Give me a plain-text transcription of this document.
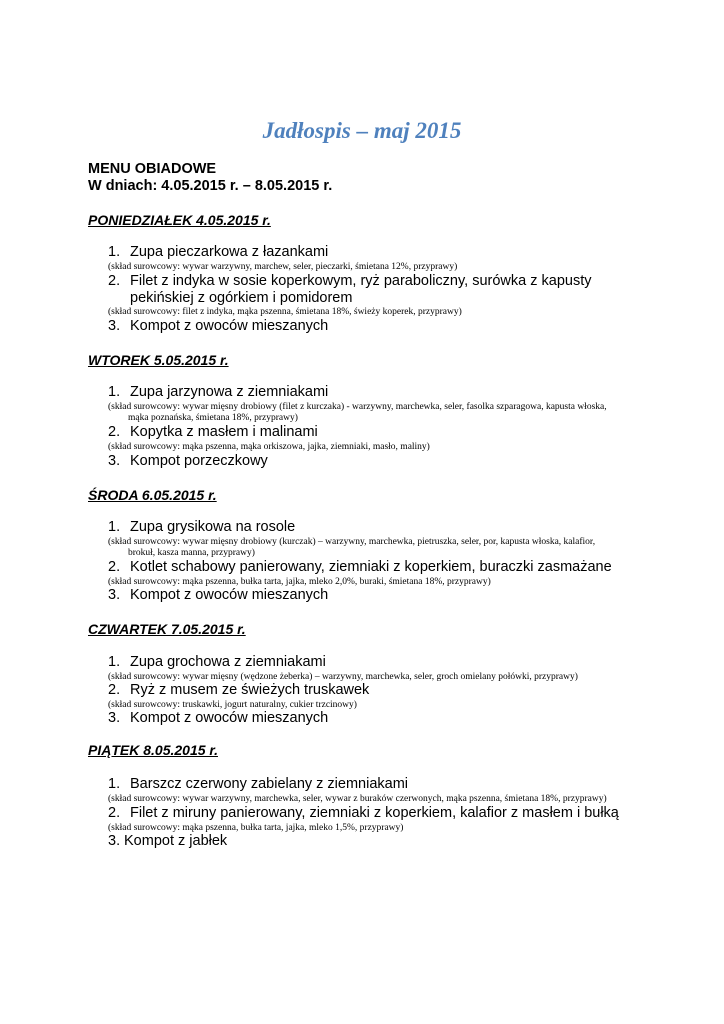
Jadłospis – maj 2015

MENU OBIADOWE

W dniach: 4.05.2015 r. – 8.05.2015 r.

PONIEDZIAŁEK 4.05.2015 r.

1. Zupa pieczarkowa z łazankami

(skład surowcowy: wywar warzywny, marchew, seler, pieczarki, śmietana 12%, przyprawy)

2. Filet z indyka w sosie koperkowym, ryż paraboliczny, surówka z kapusty

pekińskiej z ogórkiem i pomidorem

(skład surowcowy: filet z indyka, mąka pszenna, śmietana 18%, świeży koperek, przyprawy)

3. Kompot z owoców mieszanych

WTOREK 5.05.2015 r.

1. Zupa jarzynowa z ziemniakami

(skład surowcowy: wywar mięsny drobiowy (filet z kurczaka) - warzywny, marchewka, seler, fasolka szparagowa, kapusta włoska,

mąka poznańska, śmietana 18%, przyprawy)

2. Kopytka z masłem i malinami

(skład surowcowy: mąka pszenna, mąka orkiszowa, jajka, ziemniaki, masło, maliny)

3. Kompot porzeczkowy

ŚRODA 6.05.2015 r.

1. Zupa grysikowa na rosole

(skład surowcowy: wywar mięsny drobiowy (kurczak) – warzywny, marchewka, pietruszka, seler, por, kapusta włoska, kalafior,

brokuł, kasza manna, przyprawy)

2. Kotlet schabowy panierowany, ziemniaki z koperkiem, buraczki zasmażane

(skład surowcowy: mąka pszenna, bułka tarta, jajka, mleko 2,0%, buraki, śmietana 18%, przyprawy)

3. Kompot z owoców mieszanych

CZWARTEK 7.05.2015 r.

1. Zupa grochowa z ziemniakami

(skład surowcowy: wywar mięsny (wędzone żeberka) – warzywny, marchewka, seler, groch omielany połówki, przyprawy)

2. Ryż z musem ze świeżych truskawek

(skład surowcowy: truskawki, jogurt naturalny, cukier trzcinowy)

3. Kompot z owoców mieszanych

PIĄTEK 8.05.2015 r.

1. Barszcz czerwony zabielany z ziemniakami

(skład surowcowy: wywar warzywny, marchewka, seler, wywar z buraków czerwonych, mąka pszenna, śmietana 18%, przyprawy)

2. Filet z miruny panierowany, ziemniaki z koperkiem, kalafior z masłem i bułką

(skład surowcowy: mąka pszenna, bułka tarta, jajka, mleko 1,5%, przyprawy)

3. Kompot z jabłek
